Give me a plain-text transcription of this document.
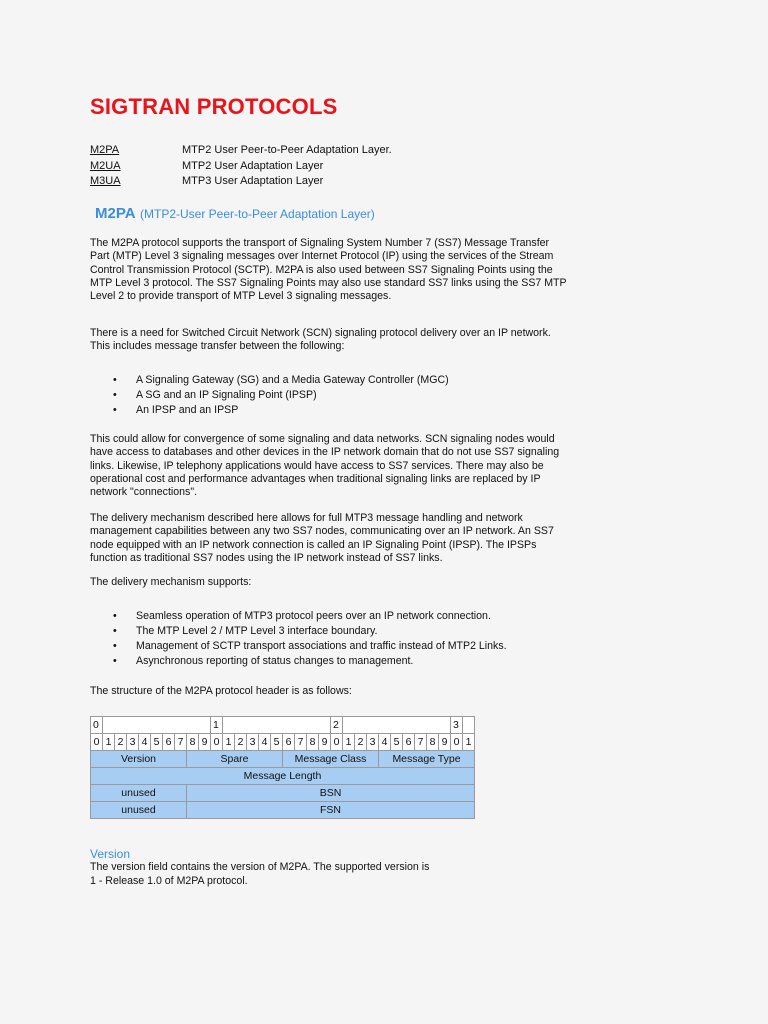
SIGTRAN PROTOCOLS
M2PA	MTP2 User Peer-to-Peer Adaptation Layer.
M2UA	MTP2 User Adaptation Layer
M3UA	MTP3 User Adaptation Layer
M2PA (MTP2-User Peer-to-Peer Adaptation Layer)

The M2PA protocol supports the transport of Signaling System Number 7 (SS7) Message Transfer Part (MTP) Level 3 signaling messages over Internet Protocol (IP) using the services of the Stream Control Transmission Protocol (SCTP). M2PA is also used between SS7 Signaling Points using the MTP Level 3 protocol. The SS7 Signaling Points may also use standard SS7 links using the SS7 MTP Level 2 to provide transport of MTP Level 3 signaling messages.

There is a need for Switched Circuit Network (SCN) signaling protocol delivery over an IP network. This includes message transfer between the following:

• A Signaling Gateway (SG) and a Media Gateway Controller (MGC)
• A SG and an IP Signaling Point (IPSP)
• An IPSP and an IPSP

This could allow for convergence of some signaling and data networks. SCN signaling nodes would have access to databases and other devices in the IP network domain that do not use SS7 signaling links. Likewise, IP telephony applications would have access to SS7 services. There may also be operational cost and performance advantages when traditional signaling links are replaced by IP network "connections".

The delivery mechanism described here allows for full MTP3 message handling and network management capabilities between any two SS7 nodes, communicating over an IP network. An SS7 node equipped with an IP network connection is called an IP Signaling Point (IPSP). The IPSPs function as traditional SS7 nodes using the IP network instead of SS7 links.

The delivery mechanism supports:

• Seamless operation of MTP3 protocol peers over an IP network connection.
• The MTP Level 2 / MTP Level 3 interface boundary.
• Management of SCTP transport associations and traffic instead of MTP2 Links.
• Asynchronous reporting of status changes to management.

The structure of the M2PA protocol header is as follows:

0										1										2										3	
0	1	2	3	4	5	6	7	8	9	0	1	2	3	4	5	6	7	8	9	0	1	2	3	4	5	6	7	8	9	0	1
Version								Spare								Message Class								Message Type							
Message Length																															
unused								BSN																							
unused								FSN																							
Version
The version field contains the version of M2PA. The supported version is
1 - Release 1.0 of M2PA protocol.
